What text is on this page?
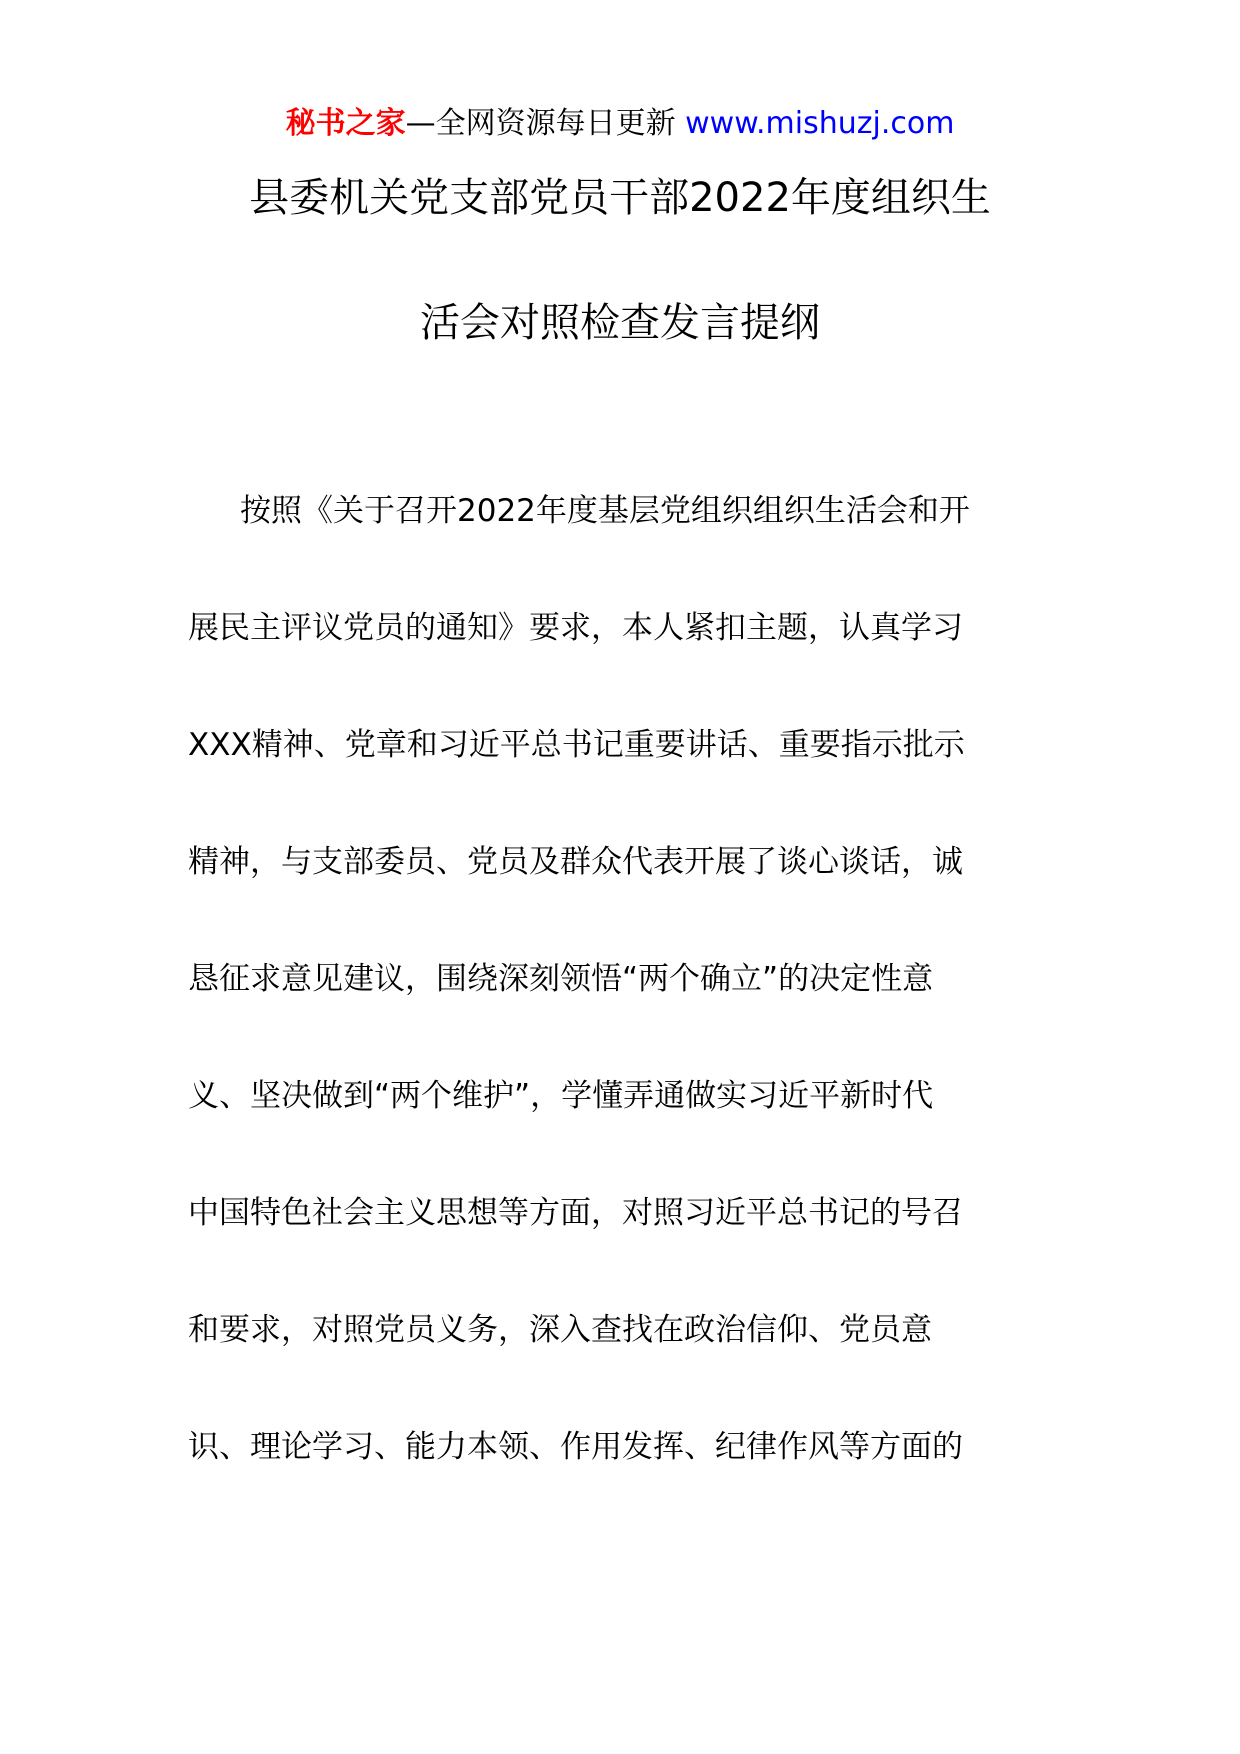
秘书之家—全网资源每日更新 www.mishuzj.com
县委机关党支部党员干部2022年度组织生
活会对照检查发言提纲
按照《关于召开2022年度基层党组织组织生活会和开
展民主评议党员的通知》要求，本人紧扣主题，认真学习
XXX精神、党章和习近平总书记重要讲话、重要指示批示
精神，与支部委员、党员及群众代表开展了谈心谈话，诚
恳征求意见建议，围绕深刻领悟“两个确立”的决定性意
义、坚决做到“两个维护”，学懂弄通做实习近平新时代
中国特色社会主义思想等方面，对照习近平总书记的号召
和要求，对照党员义务，深入查找在政治信仰、党员意
识、理论学习、能力本领、作用发挥、纪律作风等方面的
